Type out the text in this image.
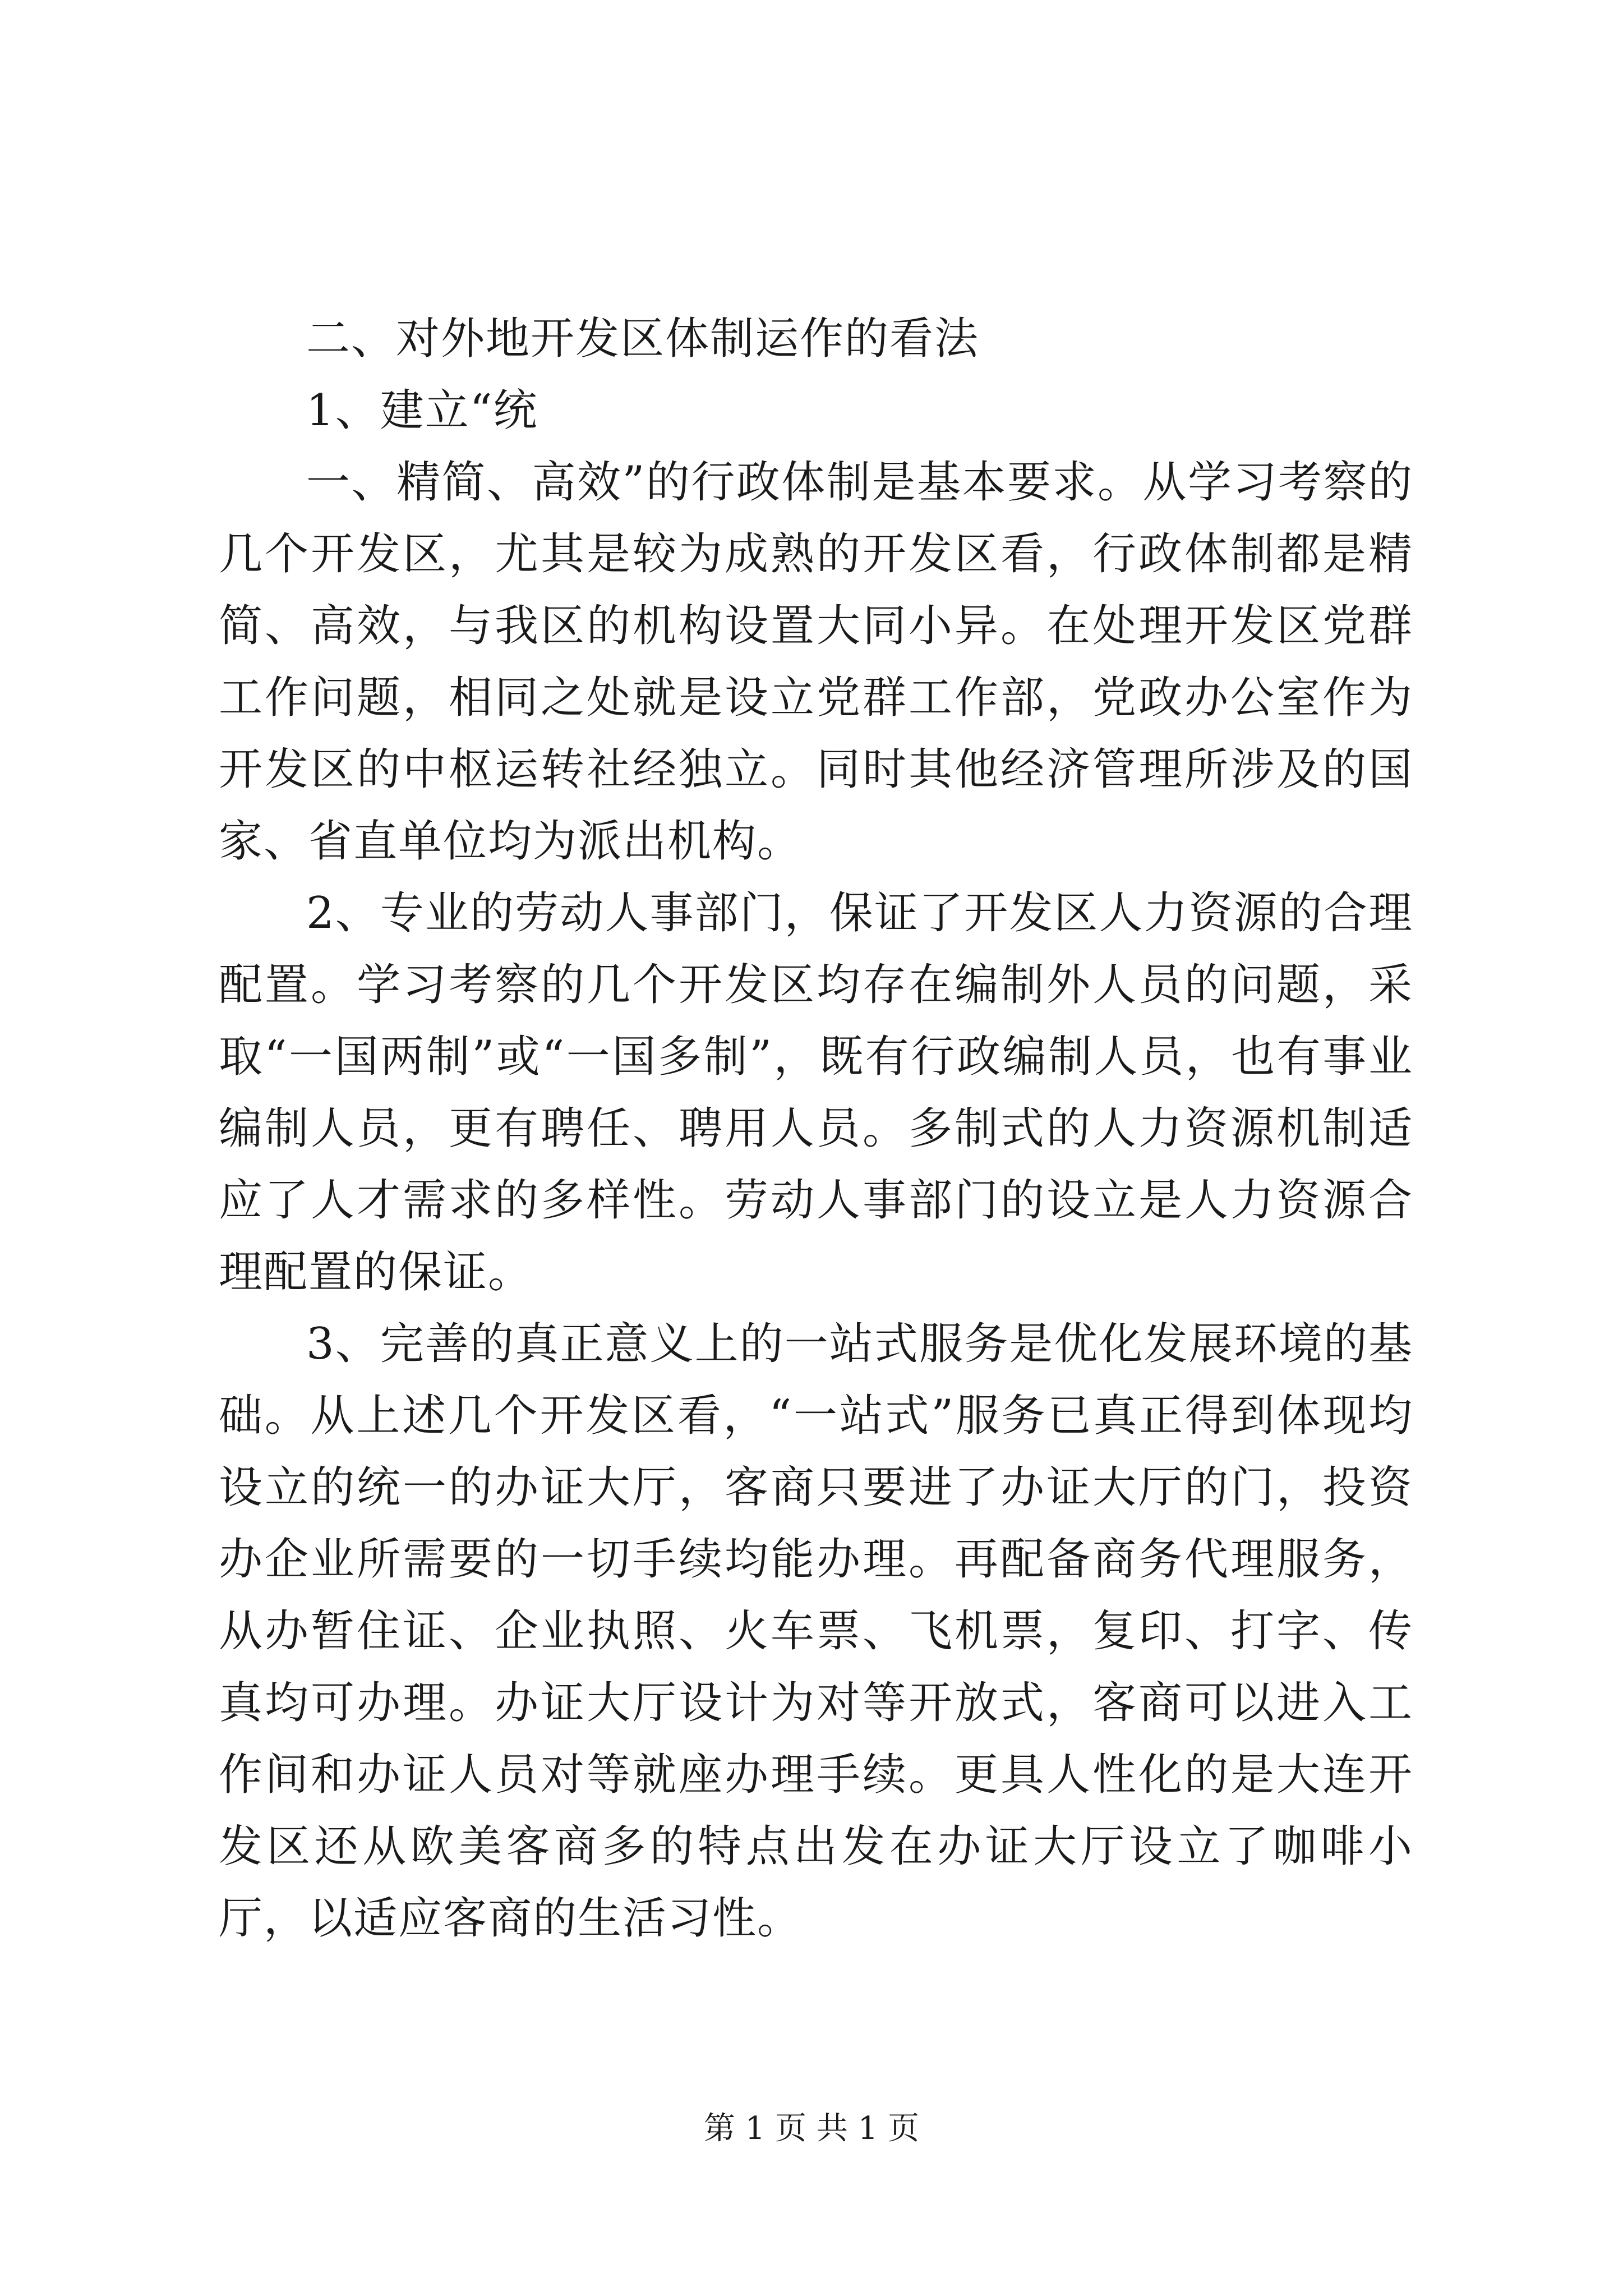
二、对外地开发区体制运作的看法

1、建立“统

一、精简、高效”的行政体制是基本要求。从学习考察的几个开发区，尤其是较为成熟的开发区看，行政体制都是精简、高效，与我区的机构设置大同小异。在处理开发区党群工作问题，相同之处就是设立党群工作部，党政办公室作为开发区的中枢运转社经独立。同时其他经济管理所涉及的国家、省直单位均为派出机构。

2、专业的劳动人事部门，保证了开发区人力资源的合理配置。学习考察的几个开发区均存在编制外人员的问题，采取“一国两制”或“一国多制”，既有行政编制人员，也有事业编制人员，更有聘任、聘用人员。多制式的人力资源机制适应了人才需求的多样性。劳动人事部门的设立是人力资源合理配置的保证。

3、完善的真正意义上的一站式服务是优化发展环境的基础。从上述几个开发区看，“一站式”服务已真正得到体现均设立的统一的办证大厅，客商只要进了办证大厅的门，投资办企业所需要的一切手续均能办理。再配备商务代理服务，从办暂住证、企业执照、火车票、飞机票，复印、打字、传真均可办理。办证大厅设计为对等开放式，客商可以进入工作间和办证人员对等就座办理手续。更具人性化的是大连开发区还从欧美客商多的特点出发在办证大厅设立了咖啡小厅，以适应客商的生活习性。

第 1 页 共 1 页
